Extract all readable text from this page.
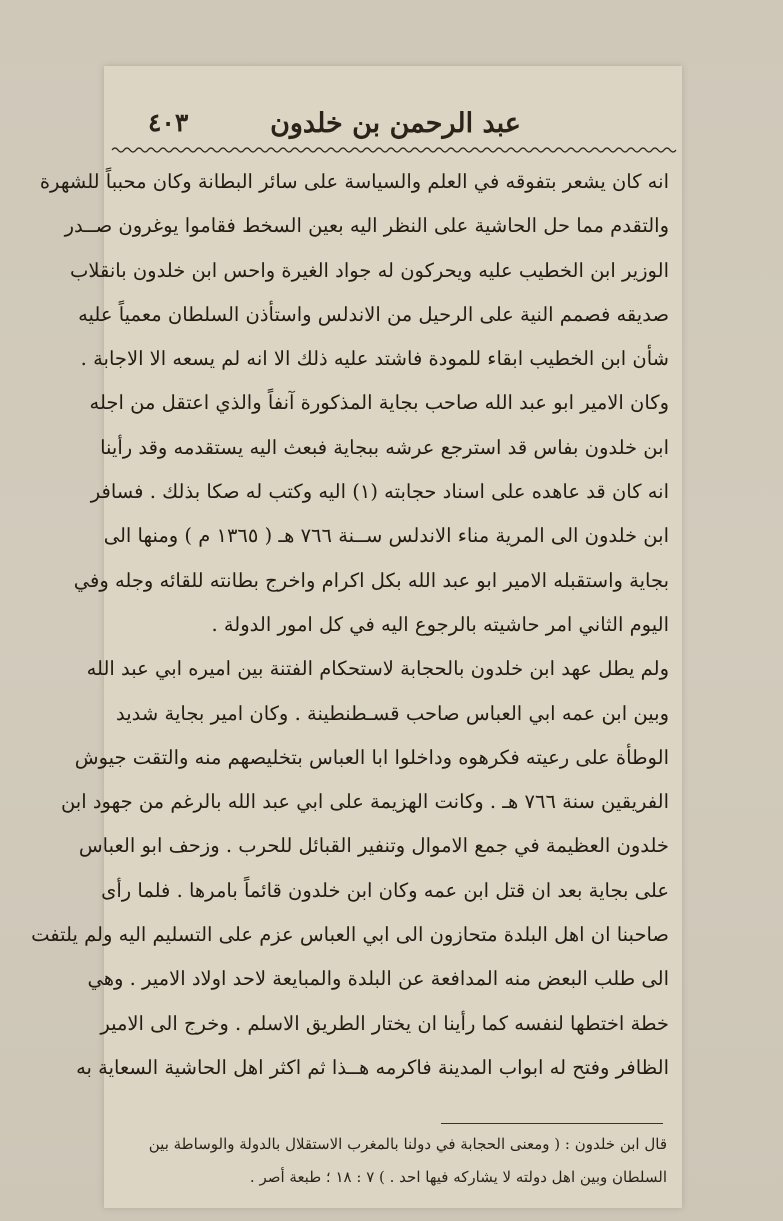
عبد الرحمن بن خلدون
٤٠٣
انه كان يشعر بتفوقه في العلم والسياسة على سائر البطانة وكان محبباً للشهرة
والتقدم مما حل الحاشية على النظر اليه بعين السخط فقاموا يوغرون صــدر
الوزير ابن الخطيب عليه ويحركون له جواد الغيرة واحس ابن خلدون بانقلاب
صديقه فصمم النية على الرحيل من الاندلس واستأذن السلطان معمياً عليه
شأن ابن الخطيب ابقاء للمودة فاشتد عليه ذلك الا انه لم يسعه الا الاجابة .
وكان الامير ابو عبد الله صاحب بجاية المذكورة آنفاً والذي اعتقل من اجله
ابن خلدون بفاس قد استرجع عرشه ببجاية فبعث اليه يستقدمه وقد رأينا
انه كان قد عاهده على اسناد حجابته (١) اليه وكتب له صكا بذلك . فسافر
ابن خلدون الى المرية مناء الاندلس ســنة ٧٦٦ هـ ( ١٣٦٥ م ) ومنها الى
بجاية واستقبله الامير ابو عبد الله بكل اكرام واخرج بطانته للقائه وجله وفي
اليوم الثاني امر حاشيته بالرجوع اليه في كل امور الدولة .
ولم يطل عهد ابن خلدون بالحجابة لاستحكام الفتنة بين اميره ابي عبد الله
وبين ابن عمه ابي العباس صاحب قسـطنطينة . وكان امير بجاية شديد
الوطأة على رعيته فكرهوه وداخلوا ابا العباس بتخليصهم منه والتقت جيوش
الفريقين سنة ٧٦٦ هـ . وكانت الهزيمة على ابي عبد الله بالرغم من جهود ابن
خلدون العظيمة في جمع الاموال وتنفير القبائل للحرب . وزحف ابو العباس
على بجاية بعد ان قتل ابن عمه وكان ابن خلدون قائماً بامرها . فلما رأى
صاحبنا ان اهل البلدة متحازون الى ابي العباس عزم على التسليم اليه ولم يلتفت
الى طلب البعض منه المدافعة عن البلدة والمبايعة لاحد اولاد الامير . وهي
خطة اختطها لنفسه كما رأينا ان يختار الطريق الاسلم . وخرج الى الامير
الظافر وفتح له ابواب المدينة فاكرمه هــذا ثم اكثر اهل الحاشية السعاية به
قال ابن خلدون : ( ومعنى الحجابة في دولنا بالمغرب الاستقلال بالدولة والوساطة بين
السلطان وبين اهل دولته لا يشاركه فيها احد . ) ٧ : ١٨ ؛ طبعة أصر .
